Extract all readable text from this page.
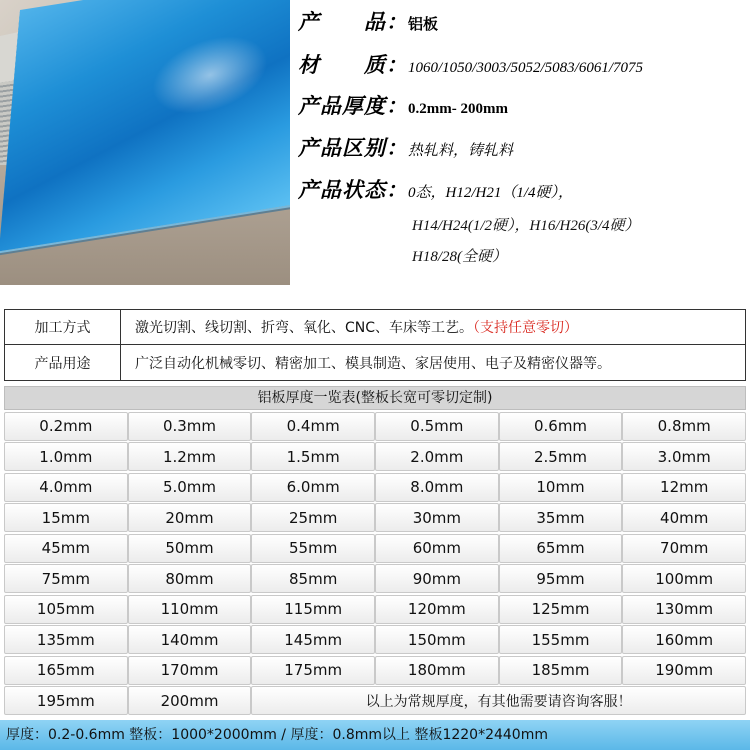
产　　品：铝板
材　　质：1060/1050/3003/5052/5083/6061/7075
产品厚度：0.2mm- 200mm
产品区别：热轧料，铸轧料
产品状态：0态，H12/H21（1/4硬），
H14/H24(1/2硬），H16/H26(3/4硬）
H18/28(全硬）
加工方式	激光切割、线切割、折弯、氧化、CNC、车床等工艺。（支持任意零切）
产品用途	广泛自动化机械零切、精密加工、模具制造、家居使用、电子及精密仪器等。
铝板厚度一览表(整板长宽可零切定制)
0.2mm	0.3mm	0.4mm	0.5mm	0.6mm	0.8mm
1.0mm	1.2mm	1.5mm	2.0mm	2.5mm	3.0mm
4.0mm	5.0mm	6.0mm	8.0mm	10mm	12mm
15mm	20mm	25mm	30mm	35mm	40mm
45mm	50mm	55mm	60mm	65mm	70mm
75mm	80mm	85mm	90mm	95mm	100mm
105mm	110mm	115mm	120mm	125mm	130mm
135mm	140mm	145mm	150mm	155mm	160mm
165mm	170mm	175mm	180mm	185mm	190mm
195mm	200mm	以上为常规厚度，有其他需要请咨询客服！
厚度：0.2-0.6mm 整板：1000*2000mm / 厚度：0.8mm以上 整板1220*2440mm
